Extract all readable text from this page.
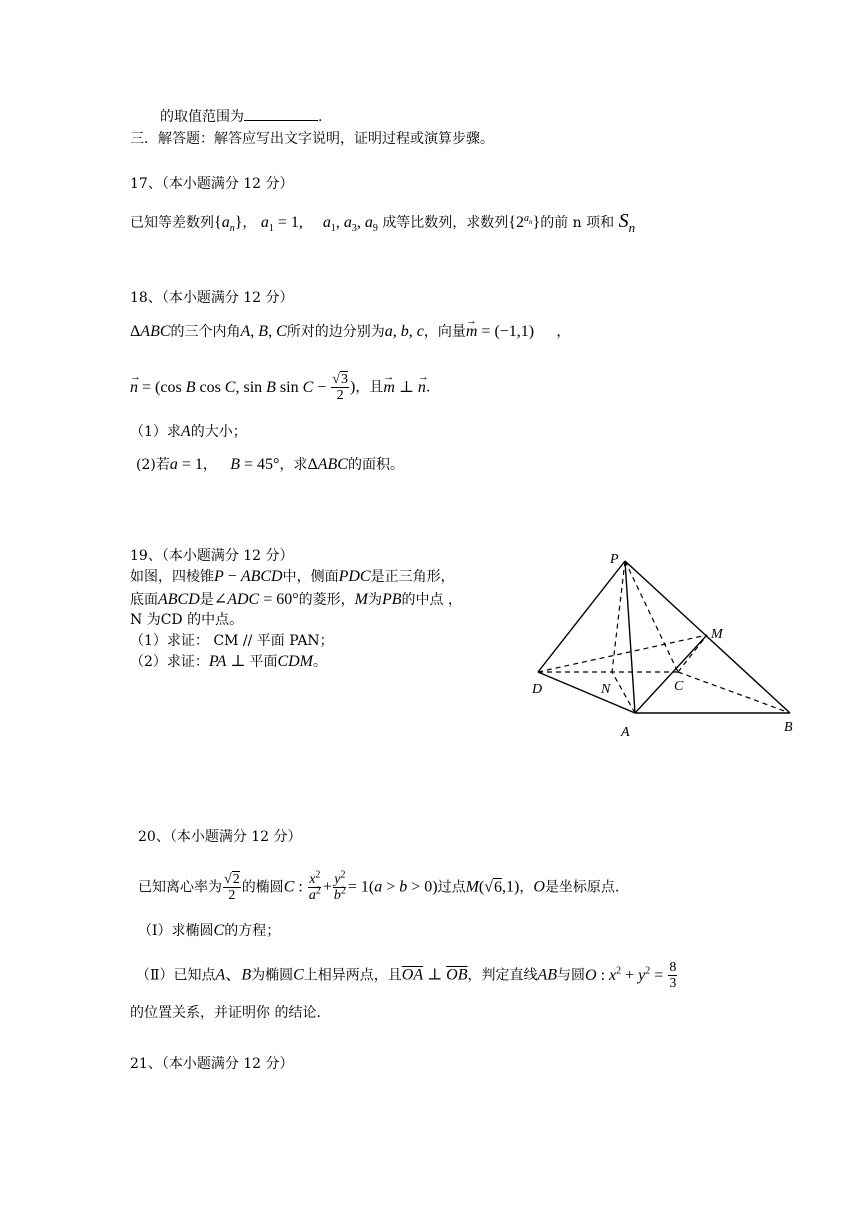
的取值范围为	.
三．解答题：解答应写出文字说明，证明过程或演算步骤。
17、（本小题满分 12 分）
已知等差数列$\{a_n\}$， $a_1 = 1$,     $a_1$, $a_3$, $a_9$ 成等比数列，求数列$\{2^{a_n}\}$的前 n 项和 $S_n$
18、（本小题满分 12 分）
ΔABC的三个内角A, B, C所对的边分别为a, b, c，向量→ m = (−1,1)     ，
→ n = (cos B cos C, sin B $\sin C - \frac{√3}{2}$ )，且→ m ⊥ → n.
（1）求A的大小；
(2)若a = 1，   B = 45°，求ΔABC的面积。
19、（本小题满分 12 分）
如图，四棱锥P − ABCD中，侧面PDC是正三角形，
底面ABCD是∠ADC = 60°的菱形，M为PB的中点 ，
N 为CD 的中点。
（1）求证： CM // 平面 PAN；
（2）求证：PA ⊥ 平面CDM。
P
M
D	N	C
A	B
20、（本小题满分 12 分）
已知离心率为 $\frac{√2}{2}$ 的椭圆C : $\frac{x^2}{a^2} + \frac{y^2}{b^2} = 1(a > b > 0)$过点M(√6,1)，O是坐标原点.
（Ⅰ）求椭圆C的方程；
（Ⅱ）已知点A、B为椭圆C上相异两点，且$\overline{OA}$ ⊥ $\overline{OB}$，判定直线AB与圆O : $x^2 + y^2 = \frac{8}{3}$
的位置关系，并证明你 的结论.
21、（本小题满分 12 分）
